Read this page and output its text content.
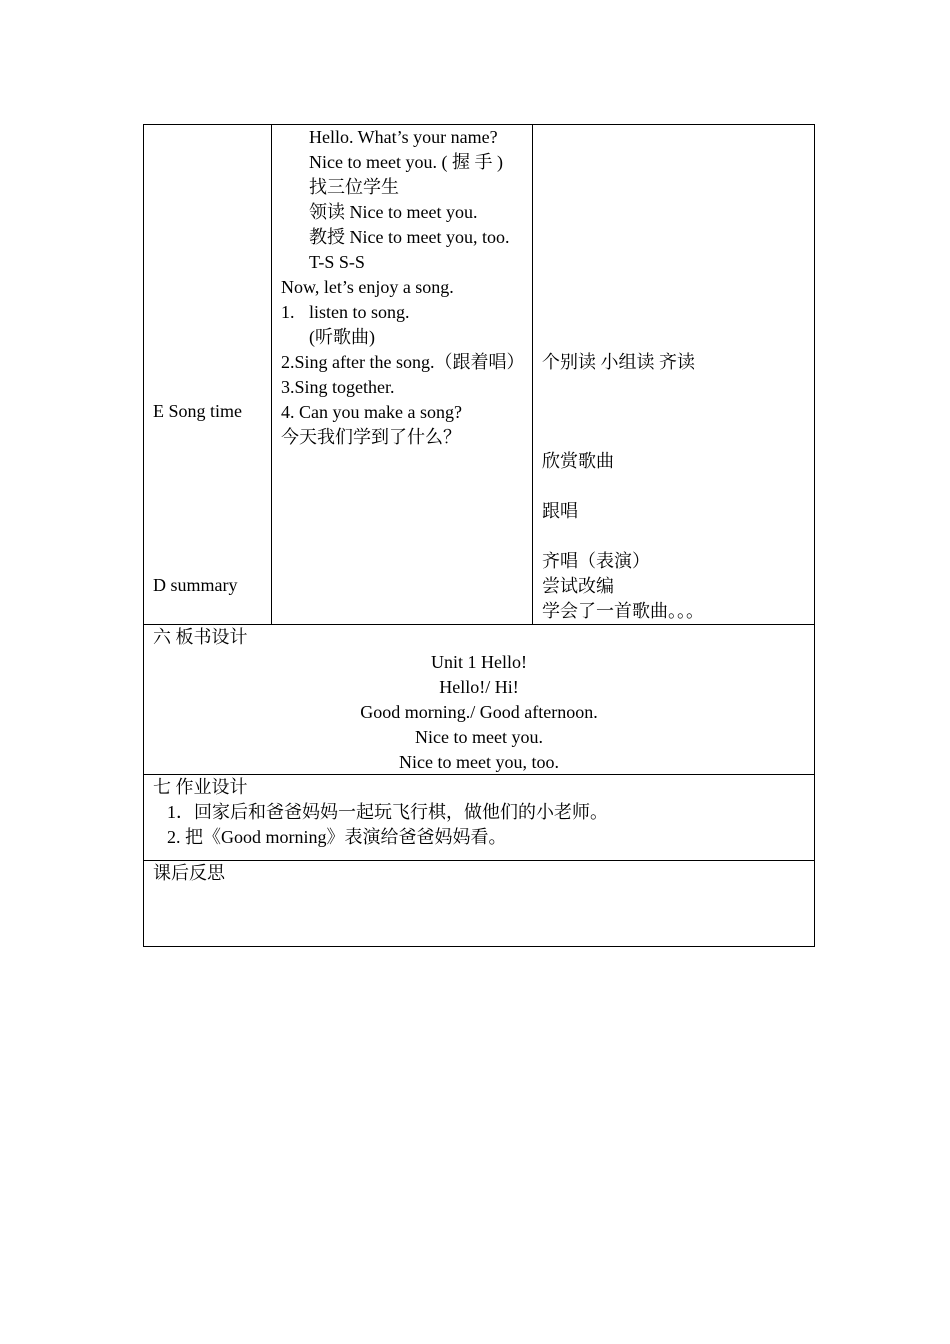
E Song time
D summary
Hello. What’s your name?
Nice to meet you. ( 握 手 )
找三位学生
领读 Nice to meet you.
教授 Nice to meet you, too.
T-S S-S
Now, let’s enjoy a song.
1. listen to song.
(听歌曲)
2.Sing after the song.（跟着唱）
3.Sing together.
4. Can you make a song?
今天我们学到了什么？
个别读 小组读 齐读
欣赏歌曲
跟唱
齐唱（表演）
尝试改编
学会了一首歌曲。。。
六 板书设计
Unit 1 Hello!
Hello!/ Hi!
Good morning./ Good afternoon.
Nice to meet you.
Nice to meet you, too.
七 作业设计
1．回家后和爸爸妈妈一起玩飞行棋，做他们的小老师。
2. 把《Good morning》表演给爸爸妈妈看。
课后反思
